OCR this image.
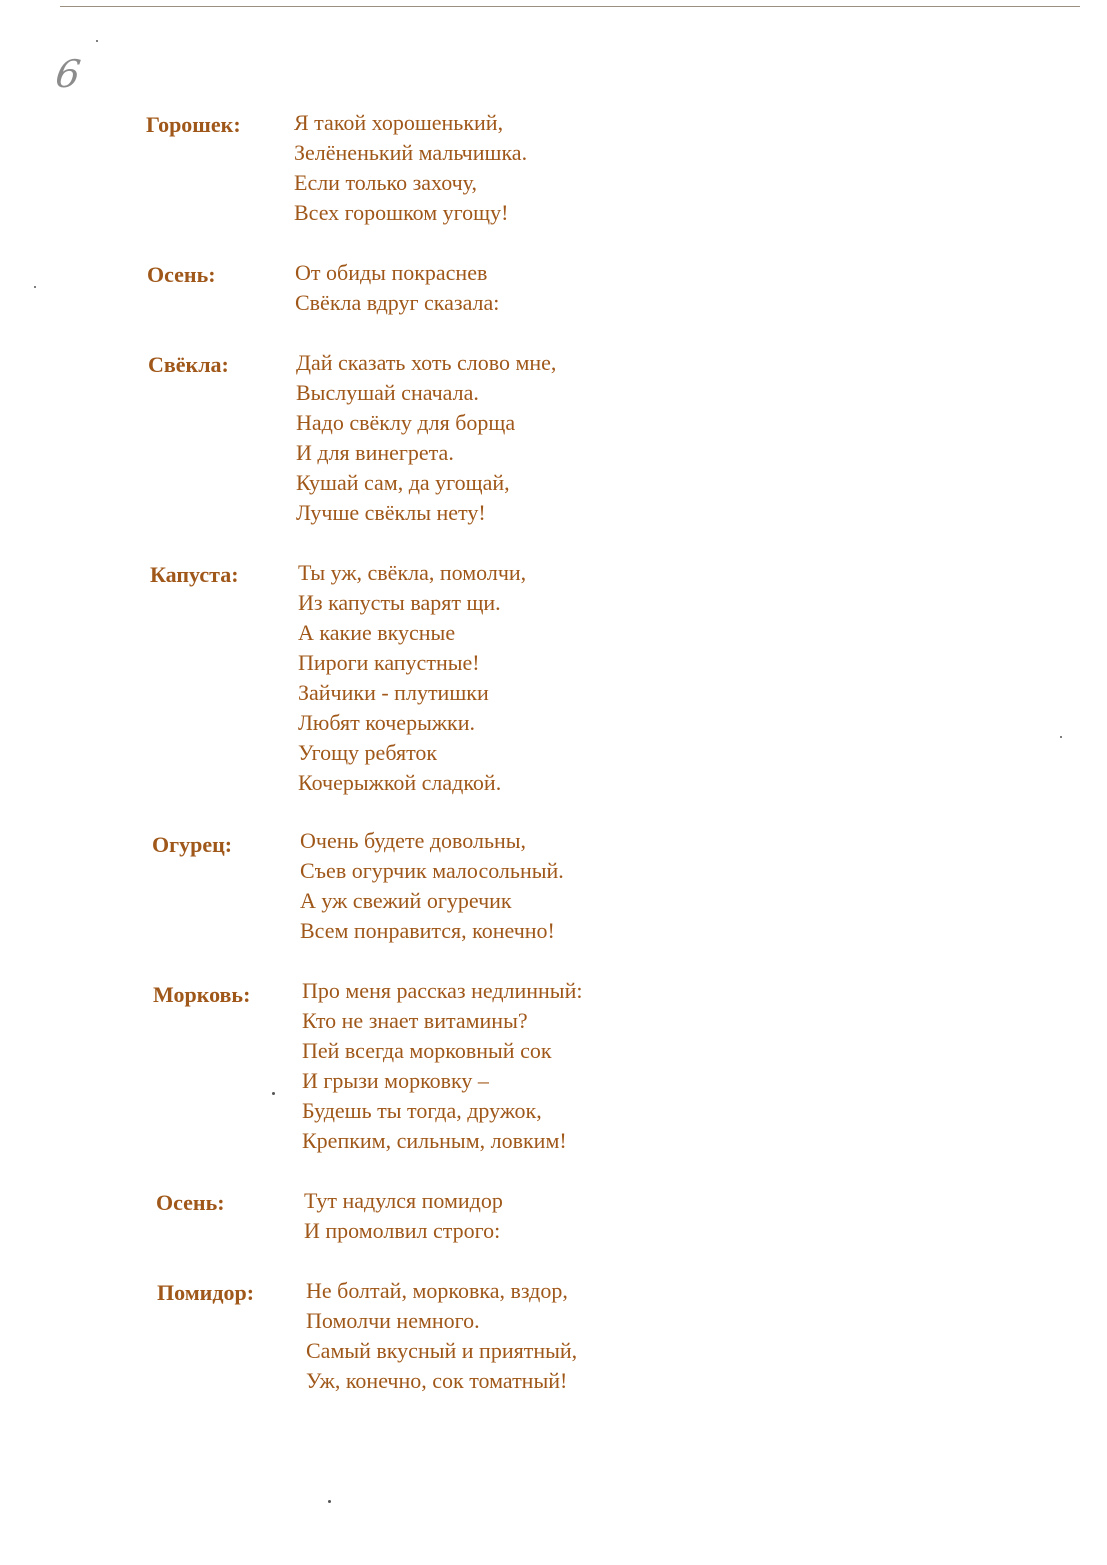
6
Горошек: Я такой хорошенький,
Зелёненький мальчишка.
Если только захочу,
Всех горошком угощу!
Осень:	От обиды покраснев
Свёкла вдруг сказала:
Свёкла:	Дай сказать хоть слово мне,
Выслушай сначала.
Надо свёклу для борща
И для винегрета.
Кушай сам, да угощай,
Лучше свёклы нету!
Капуста:	Ты уж, свёкла, помолчи,
Из капусты варят щи.
А какие вкусные
Пироги капустные!
Зайчики - плутишки
Любят кочерыжки.
Угощу ребяток
Кочерыжкой сладкой.
Огурец:	Очень будете довольны,
Съев огурчик малосольный.
А уж свежий огуречик
Всем понравится, конечно!
Морковь: Про меня рассказ недлинный:
Кто не знает витамины?
Пей всегда морковный сок
И грызи морковку –
Будешь ты тогда, дружок,
Крепким, сильным, ловким!
Осень:	Тут надулся помидор
И промолвил строго:
Помидор: Не болтай, морковка, вздор,
Помолчи немного.
Самый вкусный и приятный,
Уж, конечно, сок томатный!
